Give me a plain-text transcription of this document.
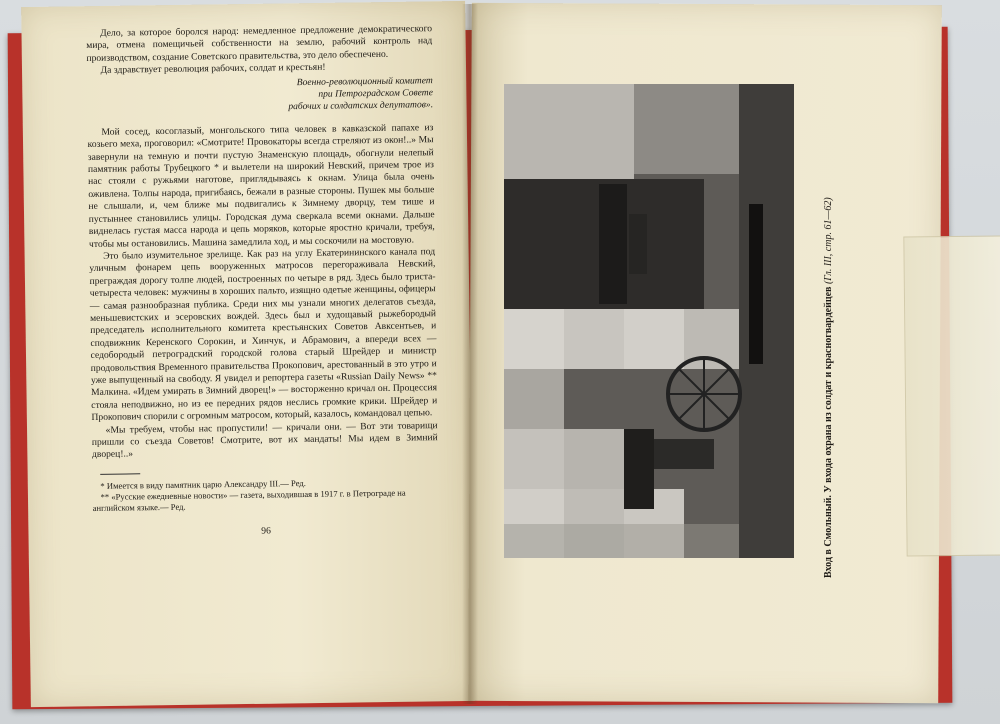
Дело, за которое боролся народ: немедленное предложение демократического мира, отмена помещичьей собственности на землю, рабочий контроль над производством, создание Советского правительства, это дело обеспечено.

Да здравствует революция рабочих, солдат и крестьян!

Военно-революционный комитет
при Петроградском Совете
рабочих и солдатских депутатов».

Мой сосед, косоглазый, монгольского типа человек в кавказской папахе из козьего меха, проговорил: «Смотрите! Провокаторы всегда стреляют из окон!..» Мы завернули на темную и почти пустую Знаменскую площадь, обогнули нелепый памятник работы Трубецкого * и вылетели на широкий Невский, причем трое из нас стояли с ружьями наготове, приглядываясь к окнам. Улица была очень оживлена. Толпы народа, пригибаясь, бежали в разные стороны. Пушек мы больше не слышали, и, чем ближе мы подвигались к Зимнему дворцу, тем тише и пустыннее становились улицы. Городская дума сверкала всеми окнами. Дальше виднелась густая масса народа и цепь моряков, которые яростно кричали, требуя, чтобы мы остановились. Машина замедлила ход, и мы соскочили на мостовую.

Это было изумительное зрелище. Как раз на углу Екатерининского канала под уличным фонарем цепь вооруженных матросов перегораживала Невский, преграждая дорогу толпе людей, построенных по четыре в ряд. Здесь было триста-четыреста человек: мужчины в хороших пальто, изящно одетые женщины, офицеры — самая разнообразная публика. Среди них мы узнали многих делегатов съезда, меньшевистских и эсеровских вождей. Здесь был и худощавый рыжебородый председатель исполнительного комитета крестьянских Советов Авксентьев, и сподвижник Керенского Сорокин, и Хинчук, и Абрамович, а впереди всех — седобородый петроградский городской голова старый Шрейдер и министр продовольствия Временного правительства Прокопович, арестованный в это утро и уже выпущенный на свободу. Я увидел и репортера газеты «Russian Daily News» ** Малкина. «Идем умирать в Зимний дворец!» — восторженно кричал он. Процессия стояла неподвижно, но из ее передних рядов неслись громкие крики. Шрейдер и Прокопович спорили с огромным матросом, который, казалось, командовал цепью.

«Мы требуем, чтобы нас пропустили! — кричали они. — Вот эти товарищи пришли со съезда Советов! Смотрите, вот их мандаты! Мы идем в Зимний дворец!..»

* Имеется в виду памятник царю Александру III.— Ред.
** «Русские ежедневные новости» — газета, выходившая в 1917 г. в Петрограде на английском языке.— Ред.
96	Вход в Смольный. У входа охрана из солдат и красногвардейцев (Гл. III, стр. 61—62)
